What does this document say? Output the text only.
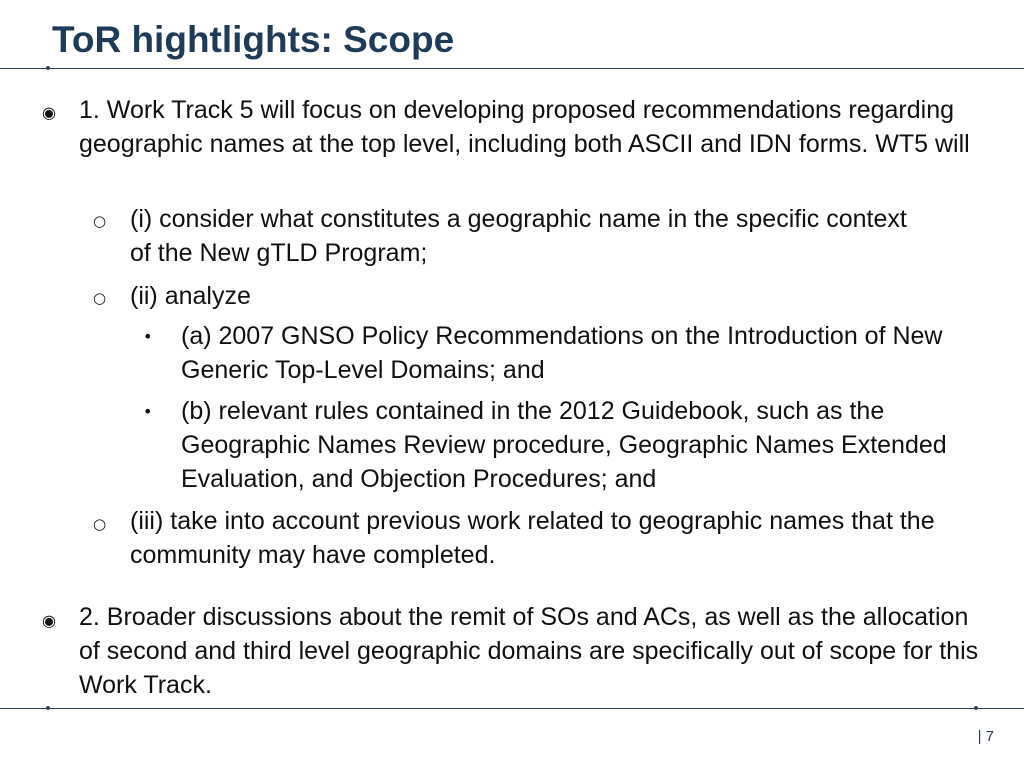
ToR hightlights: Scope
◉ 1. Work Track 5 will focus on developing proposed recommendations regarding geographic names at the top level, including both ASCII and IDN forms. WT5 will
○ (i) consider what constitutes a geographic name in the specific context of the New gTLD Program;
○ (ii) analyze
• (a) 2007 GNSO Policy Recommendations on the Introduction of New Generic Top-Level Domains; and
• (b) relevant rules contained in the 2012 Guidebook, such as the Geographic Names Review procedure, Geographic Names Extended Evaluation, and Objection Procedures; and
○ (iii) take into account previous work related to geographic names that the community may have completed.
◉ 2. Broader discussions about the remit of SOs and ACs, as well as the allocation of second and third level geographic domains are specifically out of scope for this Work Track.
| 7
